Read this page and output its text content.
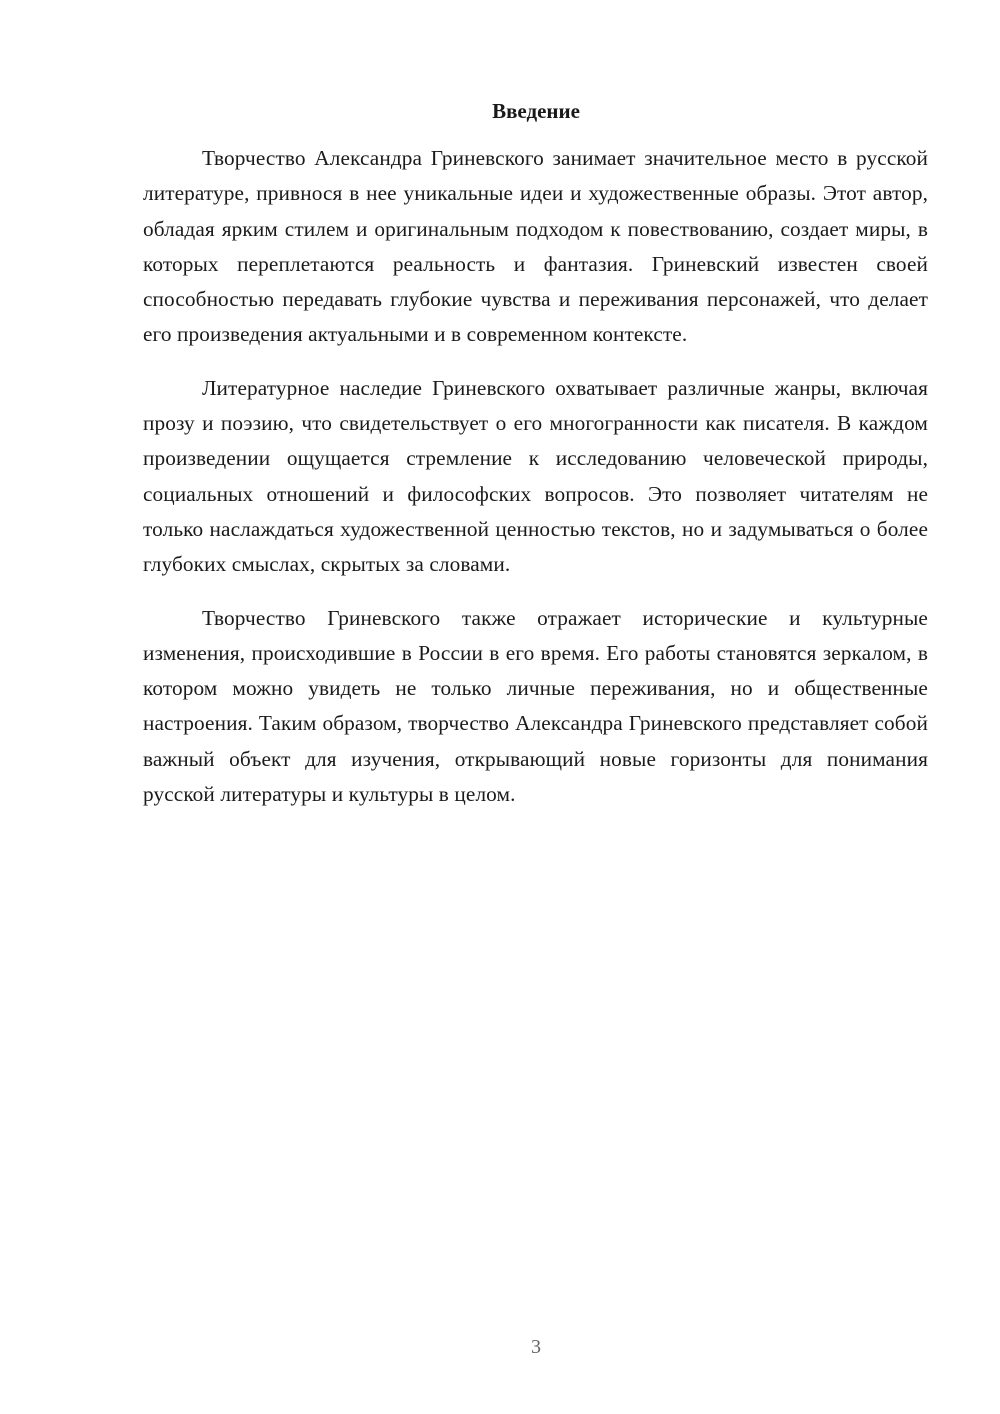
Введение

Творчество Александра Гриневского занимает значительное место в русской литературе, привнося в нее уникальные идеи и художественные образы. Этот автор, обладая ярким стилем и оригинальным подходом к повествованию, создает миры, в которых переплетаются реальность и фантазия. Гриневский известен своей способностью передавать глубокие чувства и переживания персонажей, что делает его произведения актуальными и в современном контексте.

Литературное наследие Гриневского охватывает различные жанры, включая прозу и поэзию, что свидетельствует о его многогранности как писателя. В каждом произведении ощущается стремление к исследованию человеческой природы, социальных отношений и философских вопросов. Это позволяет читателям не только наслаждаться художественной ценностью текстов, но и задумываться о более глубоких смыслах, скрытых за словами.

Творчество Гриневского также отражает исторические и культурные изменения, происходившие в России в его время. Его работы становятся зеркалом, в котором можно увидеть не только личные переживания, но и общественные настроения. Таким образом, творчество Александра Гриневского представляет собой важный объект для изучения, открывающий новые горизонты для понимания русской литературы и культуры в целом.

3
